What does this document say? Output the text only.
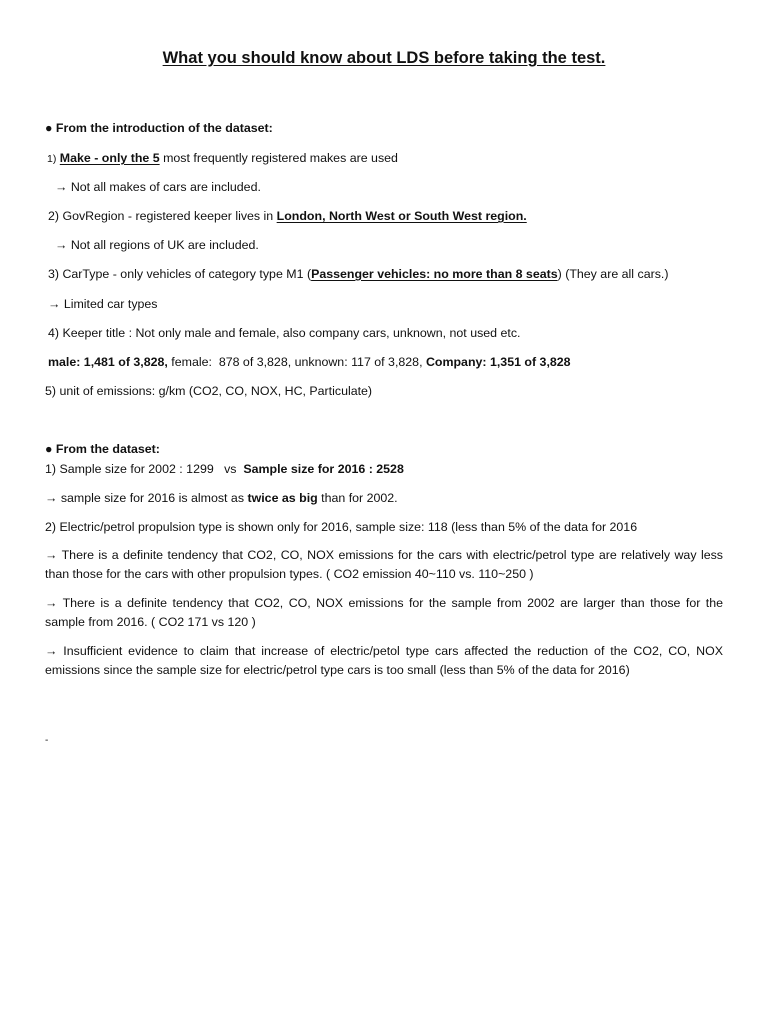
What you should know about LDS before taking the test.
● From the introduction of the dataset:
1) Make - only the 5 most frequently registered makes are used
→ Not all makes of cars are included.
2) GovRegion - registered keeper lives in London, North West or South West region.
→ Not all regions of UK are included.
3) CarType - only vehicles of category type M1 (Passenger vehicles: no more than 8 seats) (They are all cars.)
→ Limited car types
4) Keeper title : Not only male and female, also company cars, unknown, not used etc.
male: 1,481 of 3,828, female:  878 of 3,828, unknown: 117 of 3,828, Company: 1,351 of 3,828
5) unit of emissions: g/km (CO2, CO, NOX, HC, Particulate)
● From the dataset:
1) Sample size for 2002 : 1299   vs  Sample size for 2016 : 2528
→ sample size for 2016 is almost as twice as big than for 2002.
2) Electric/petrol propulsion type is shown only for 2016, sample size: 118 (less than 5% of the data for 2016
→ There is a definite tendency that CO2, CO, NOX emissions for the cars with electric/petrol type are relatively way less than those for the cars with other propulsion types. ( CO2 emission 40~110 vs. 110~250 )
→ There is a definite tendency that CO2, CO, NOX emissions for the sample from 2002 are larger than those for the sample from 2016. ( CO2 171 vs 120 )
→ Insufficient evidence to claim that increase of electric/petol type cars affected the reduction of the CO2, CO, NOX emissions since the sample size for electric/petrol type cars is too small (less than 5% of the data for 2016)
-
